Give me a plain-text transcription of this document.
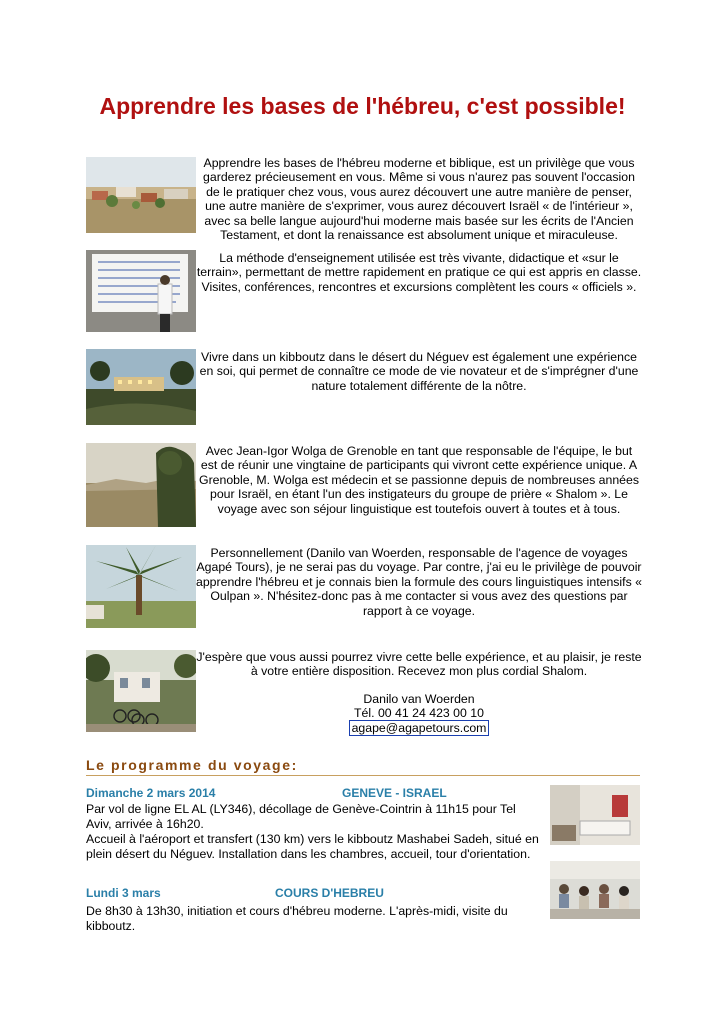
Apprendre les bases de l'hébreu, c'est possible!

Apprendre les bases de l'hébreu moderne et biblique, est un privilège que vous garderez précieusement en vous. Même si vous n'aurez pas souvent l'occasion de le pratiquer chez vous, vous aurez découvert une autre manière de penser, une autre manière de s'exprimer, vous aurez découvert Israël « de l'intérieur », avec sa belle langue aujourd'hui moderne mais basée sur les écrits de l'Ancien Testament, et dont la renaissance est absolument unique et miraculeuse.

La méthode d'enseignement utilisée est très vivante, didactique et «sur le terrain», permettant de mettre rapidement en pratique ce qui est appris en classe. Visites, conférences, rencontres et excursions complètent les cours « officiels ».

Vivre dans un kibboutz dans le désert du Néguev est également une expérience en soi, qui permet de connaître ce mode de vie novateur et de s'imprégner d'une nature totalement différente de la nôtre.

Avec Jean-Igor Wolga de Grenoble en tant que responsable de l'équipe, le but est de réunir une vingtaine de participants qui vivront cette expérience unique. A Grenoble, M. Wolga est médecin et se passionne depuis de nombreuses années pour Israël, en étant l'un des instigateurs du groupe de prière « Shalom ». Le voyage avec son séjour linguistique est toutefois ouvert à toutes et à tous.

Personnellement (Danilo van Woerden, responsable de l'agence de voyages Agapé Tours), je ne serai pas du voyage. Par contre, j'ai eu le privilège de pouvoir apprendre l'hébreu et je connais bien la formule des cours linguistiques intensifs « Oulpan ». N'hésitez-donc pas à me contacter si vous avez des questions par rapport à ce voyage.

J'espère que vous aussi pourrez vivre cette belle expérience, et au plaisir, je reste à votre entière disposition. Recevez mon plus cordial Shalom.

Danilo van Woerden
Tél. 00 41 24 423 00 10
agape@agapetours.com
Le programme du voyage:
Dimanche 2 mars 2014	GENEVE - ISRAEL

Par vol de ligne EL AL (LY346), décollage de Genève-Cointrin à 11h15 pour Tel Aviv, arrivée à 16h20.

Accueil à l'aéroport et transfert (130 km) vers le kibboutz Mashabei Sadeh, situé en plein désert du Néguev. Installation dans les chambres, accueil, tour d'orientation.

Lundi 3 mars	COURS D'HEBREU

De 8h30 à 13h30, initiation et cours d'hébreu moderne. L'après-midi, visite du kibboutz.
